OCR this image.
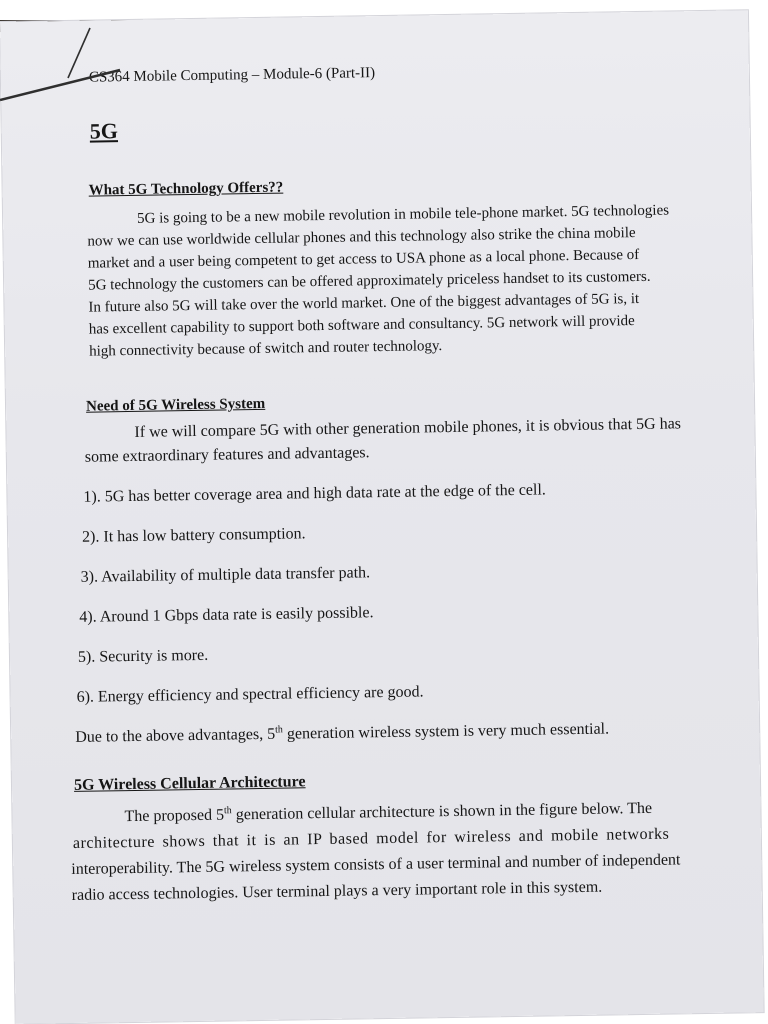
CS364 Mobile Computing – Module-6 (Part-II)
5G
What 5G Technology Offers??
5G is going to be a new mobile revolution in mobile tele-phone market. 5G technologies
now we can use worldwide cellular phones and this technology also strike the china mobile
market and a user being competent to get access to USA phone as a local phone. Because of
5G technology the customers can be offered approximately priceless handset to its customers.
In future also 5G will take over the world market. One of the biggest advantages of 5G is, it
has excellent capability to support both software and consultancy. 5G network will provide
high connectivity because of switch and router technology.
Need of 5G Wireless System
If we will compare 5G with other generation mobile phones, it is obvious that 5G has
some extraordinary features and advantages.
1). 5G has better coverage area and high data rate at the edge of the cell.
2). It has low battery consumption.
3). Availability of multiple data transfer path.
4). Around 1 Gbps data rate is easily possible.
5). Security is more.
6). Energy efficiency and spectral efficiency are good.
Due to the above advantages, 5th generation wireless system is very much essential.
5G Wireless Cellular Architecture
The proposed 5th generation cellular architecture is shown in the figure below. The
architecture shows that it is an IP based model for wireless and mobile networks
interoperability. The 5G wireless system consists of a user terminal and number of independent
radio access technologies. User terminal plays a very important role in this system.
